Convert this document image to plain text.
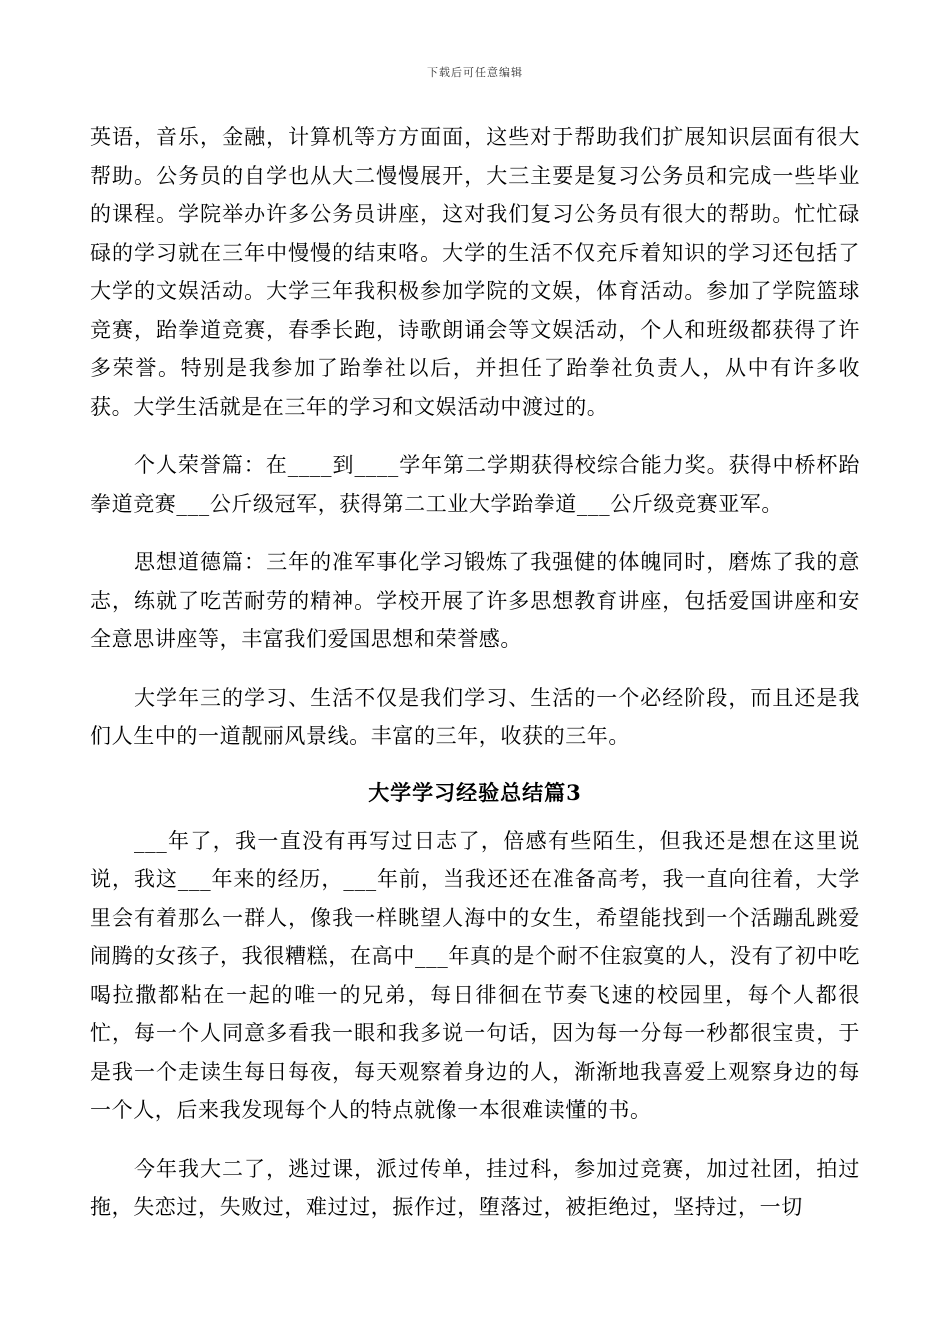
下载后可任意编辑

英语，音乐，金融，计算机等方方面面，这些对于帮助我们扩展知识层面有很大帮助。公务员的自学也从大二慢慢展开，大三主要是复习公务员和完成一些毕业的课程。学院举办许多公务员讲座，这对我们复习公务员有很大的帮助。忙忙碌碌的学习就在三年中慢慢的结束咯。大学的生活不仅充斥着知识的学习还包括了大学的文娱活动。大学三年我积极参加学院的文娱，体育活动。参加了学院篮球竞赛，跆拳道竞赛，春季长跑，诗歌朗诵会等文娱活动，个人和班级都获得了许多荣誉。特别是我参加了跆拳社以后，并担任了跆拳社负责人，从中有许多收获。大学生活就是在三年的学习和文娱活动中渡过的。

个人荣誉篇：在____到____学年第二学期获得校综合能力奖。获得中桥杯跆拳道竞赛___公斤级冠军，获得第二工业大学跆拳道___公斤级竞赛亚军。

思想道德篇：三年的准军事化学习锻炼了我强健的体魄同时，磨炼了我的意志，练就了吃苦耐劳的精神。学校开展了许多思想教育讲座，包括爱国讲座和安全意思讲座等，丰富我们爱国思想和荣誉感。

大学年三的学习、生活不仅是我们学习、生活的一个必经阶段，而且还是我们人生中的一道靓丽风景线。丰富的三年，收获的三年。

大学学习经验总结篇3

___年了，我一直没有再写过日志了，倍感有些陌生，但我还是想在这里说说，我这___年来的经历，___年前，当我还还在准备高考，我一直向往着，大学里会有着那么一群人，像我一样眺望人海中的女生，希望能找到一个活蹦乱跳爱闹腾的女孩子，我很糟糕，在高中___年真的是个耐不住寂寞的人，没有了初中吃喝拉撒都粘在一起的唯一的兄弟，每日徘徊在节奏飞速的校园里，每个人都很忙，每一个人同意多看我一眼和我多说一句话，因为每一分每一秒都很宝贵，于是我一个走读生每日每夜，每天观察着身边的人，渐渐地我喜爱上观察身边的每一个人，后来我发现每个人的特点就像一本很难读懂的书。

今年我大二了，逃过课，派过传单，挂过科，参加过竞赛，加过社团，拍过拖，失恋过，失败过，难过过，振作过，堕落过，被拒绝过，坚持过，一切
